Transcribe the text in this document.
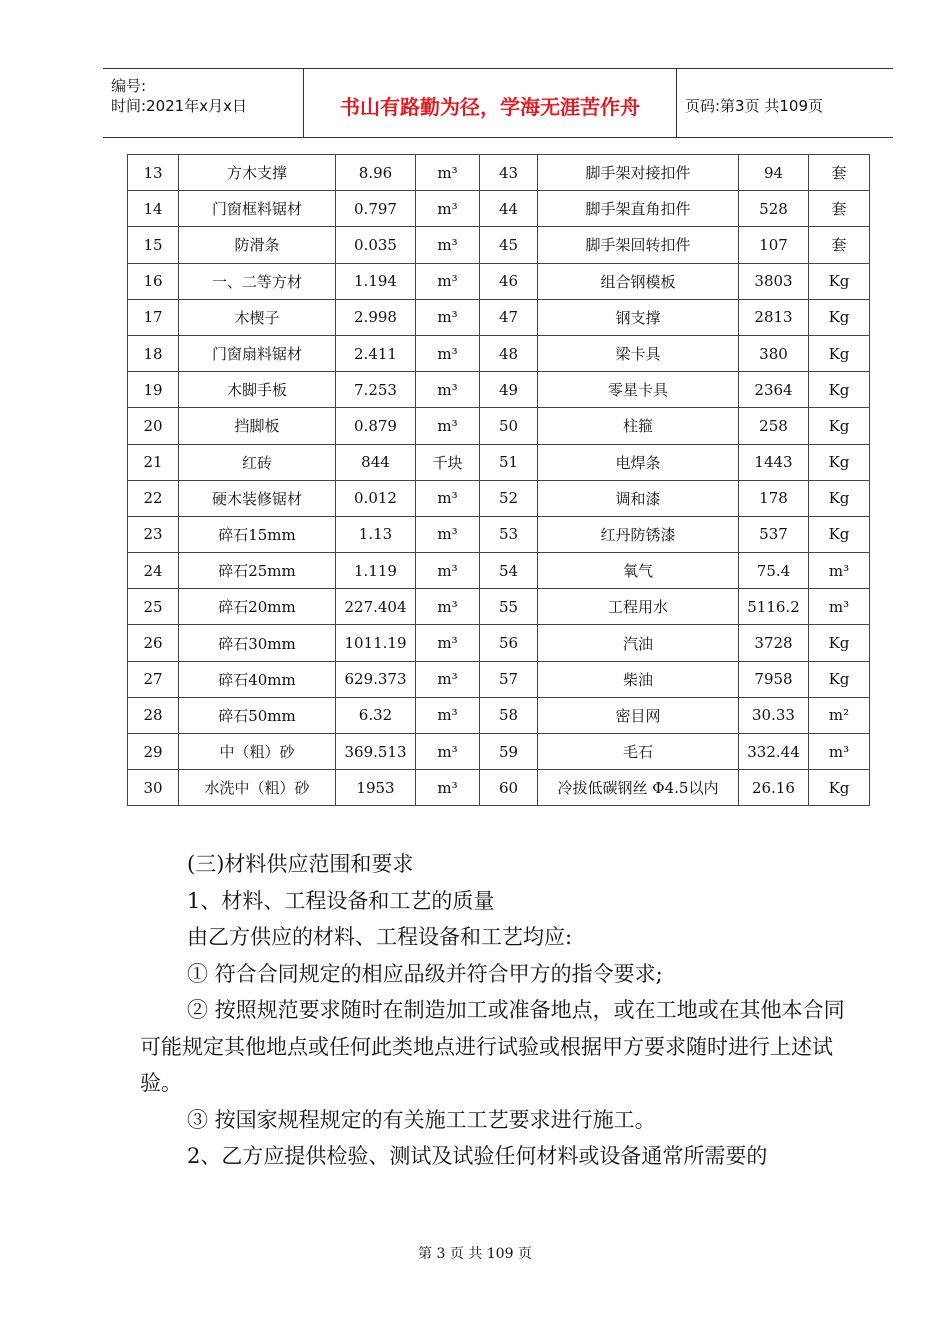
编号:
时间:2021年x月x日	书山有路勤为径，学海无涯苦作舟	页码:第3页 共109页
13	方木支撑	8.96	m³	43	脚手架对接扣件	94	套
14	门窗框料锯材	0.797	m³	44	脚手架直角扣件	528	套
15	防滑条	0.035	m³	45	脚手架回转扣件	107	套
16	一、二等方材	1.194	m³	46	组合钢模板	3803	Kg
17	木楔子	2.998	m³	47	钢支撑	2813	Kg
18	门窗扇料锯材	2.411	m³	48	梁卡具	380	Kg
19	木脚手板	7.253	m³	49	零星卡具	2364	Kg
20	挡脚板	0.879	m³	50	柱箍	258	Kg
21	红砖	844	千块	51	电焊条	1443	Kg
22	硬木装修锯材	0.012	m³	52	调和漆	178	Kg
23	碎石15mm	1.13	m³	53	红丹防锈漆	537	Kg
24	碎石25mm	1.119	m³	54	氧气	75.4	m³
25	碎石20mm	227.404	m³	55	工程用水	5116.2	m³
26	碎石30mm	1011.19	m³	56	汽油	3728	Kg
27	碎石40mm	629.373	m³	57	柴油	7958	Kg
28	碎石50mm	6.32	m³	58	密目网	30.33	m²
29	中（粗）砂	369.513	m³	59	毛石	332.44	m³
30	水洗中（粗）砂	1953	m³	60	冷拔低碳钢丝 Φ4.5以内	26.16	Kg

(三)材料供应范围和要求

1、材料、工程设备和工艺的质量

由乙方供应的材料、工程设备和工艺均应:

① 符合合同规定的相应品级并符合甲方的指令要求;

② 按照规范要求随时在制造加工或准备地点，或在工地或在其他本合同可能规定其他地点或任何此类地点进行试验或根据甲方要求随时进行上述试验。

③ 按国家规程规定的有关施工工艺要求进行施工。

2、乙方应提供检验、测试及试验任何材料或设备通常所需要的

第 3 页 共 109 页
